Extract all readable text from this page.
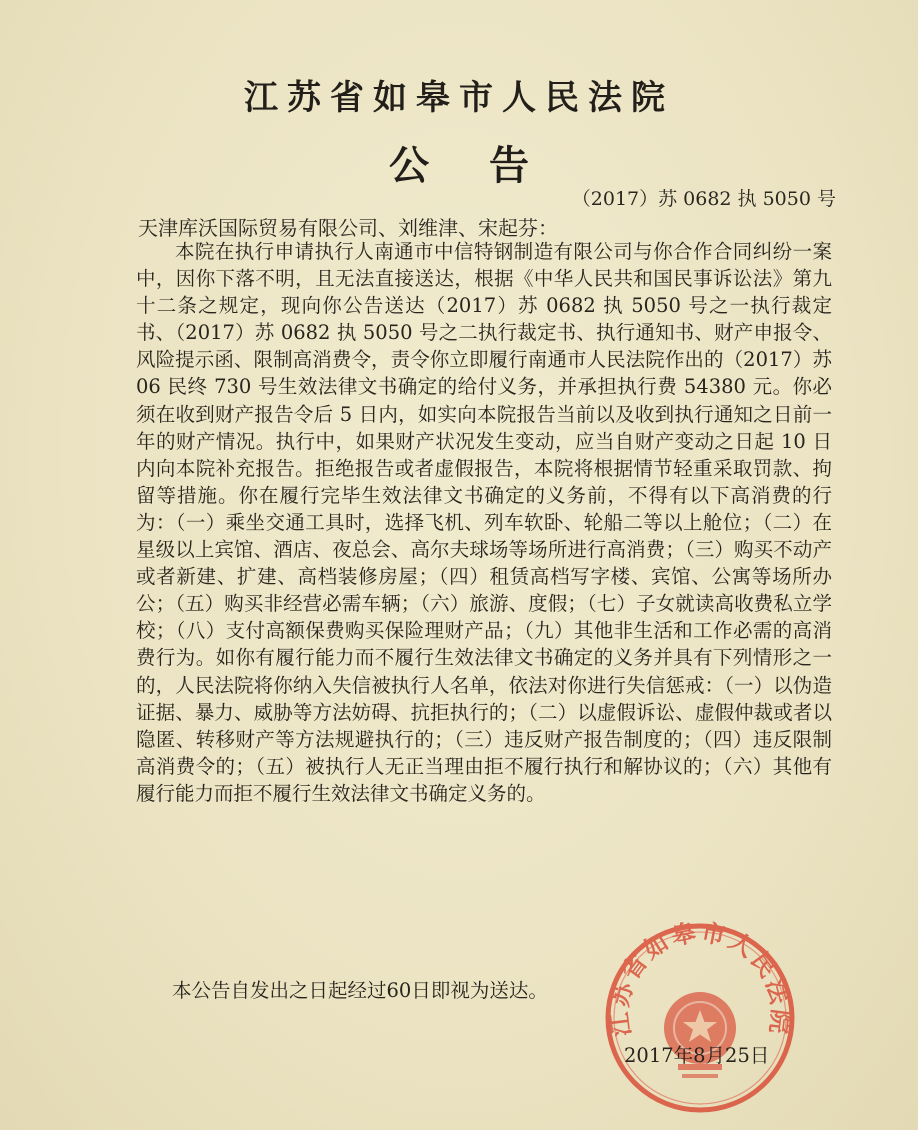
江苏省如皋市人民法院
公告
（2017）苏 0682 执 5050 号
天津库沃国际贸易有限公司、刘维津、宋起芬：

本院在执行申请执行人南通市中信特钢制造有限公司与你合作合同纠纷一案中，因你下落不明，且无法直接送达，根据《中华人民共和国民事诉讼法》第九十二条之规定，现向你公告送达（2017）苏 0682 执 5050 号之一执行裁定书、（2017）苏 0682 执 5050 号之二执行裁定书、执行通知书、财产申报令、风险提示函、限制高消费令，责令你立即履行南通市人民法院作出的（2017）苏 06 民终 730 号生效法律文书确定的给付义务，并承担执行费 54380 元。你必须在收到财产报告令后 5 日内，如实向本院报告当前以及收到执行通知之日前一年的财产情况。执行中，如果财产状况发生变动，应当自财产变动之日起 10 日内向本院补充报告。拒绝报告或者虚假报告，本院将根据情节轻重采取罚款、拘留等措施。你在履行完毕生效法律文书确定的义务前，不得有以下高消费的行为：（一）乘坐交通工具时，选择飞机、列车软卧、轮船二等以上舱位；（二）在星级以上宾馆、酒店、夜总会、高尔夫球场等场所进行高消费；（三）购买不动产或者新建、扩建、高档装修房屋；（四）租赁高档写字楼、宾馆、公寓等场所办公；（五）购买非经营必需车辆；（六）旅游、度假；（七）子女就读高收费私立学校；（八）支付高额保费购买保险理财产品；（九）其他非生活和工作必需的高消费行为。如你有履行能力而不履行生效法律文书确定的义务并具有下列情形之一的，人民法院将你纳入失信被执行人名单，依法对你进行失信惩戒：（一）以伪造证据、暴力、威胁等方法妨碍、抗拒执行的；（二）以虚假诉讼、虚假仲裁或者以隐匿、转移财产等方法规避执行的；（三）违反财产报告制度的；（四）违反限制高消费令的；（五）被执行人无正当理由拒不履行执行和解协议的；（六）其他有履行能力而拒不履行生效法律文书确定义务的。

本公告自发出之日起经过60日即视为送达。
江苏省如皋市人民法院
2017年8月25日
